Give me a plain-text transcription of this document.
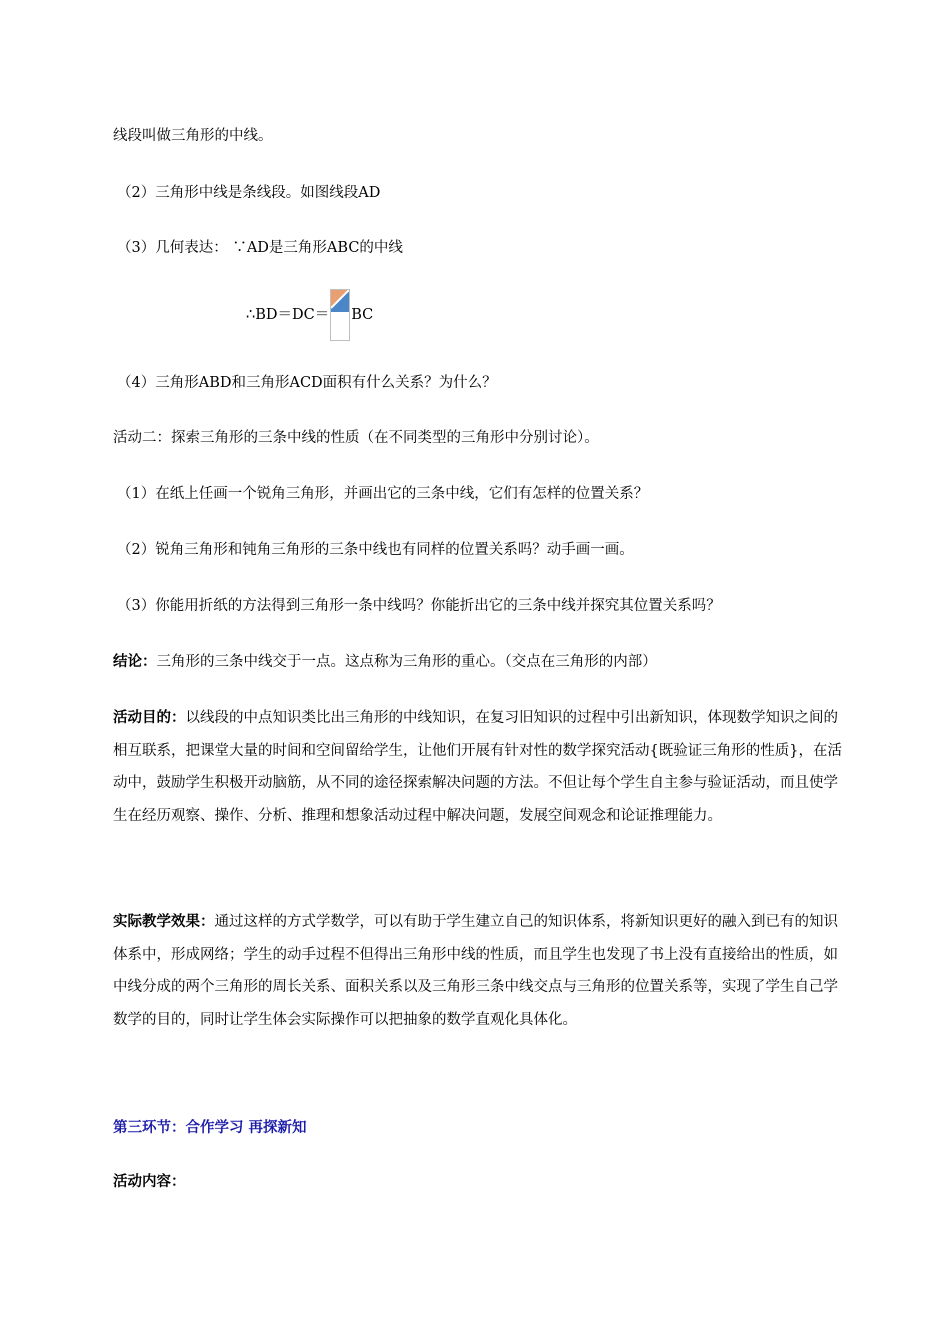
线段叫做三角形的中线。
（2）三角形中线是条线段。如图线段AD
（3）几何表达： ∵AD是三角形ABC的中线
∴BD＝DC＝ BC
（4）三角形ABD和三角形ACD面积有什么关系？为什么？
活动二：探索三角形的三条中线的性质（在不同类型的三角形中分别讨论）。
（1）在纸上任画一个锐角三角形，并画出它的三条中线，它们有怎样的位置关系？
（2）锐角三角形和钝角三角形的三条中线也有同样的位置关系吗？动手画一画。
（3）你能用折纸的方法得到三角形一条中线吗？你能折出它的三条中线并探究其位置关系吗？
结论：三角形的三条中线交于一点。这点称为三角形的重心。（交点在三角形的内部）
活动目的：以线段的中点知识类比出三角形的中线知识，在复习旧知识的过程中引出新知识，体现数学知识之间的相互联系，把课堂大量的时间和空间留给学生，让他们开展有针对性的数学探究活动{既验证三角形的性质}，在活动中，鼓励学生积极开动脑筋，从不同的途径探索解决问题的方法。不但让每个学生自主参与验证活动，而且使学生在经历观察、操作、分析、推理和想象活动过程中解决问题，发展空间观念和论证推理能力。
实际教学效果：通过这样的方式学数学，可以有助于学生建立自己的知识体系，将新知识更好的融入到已有的知识体系中，形成网络；学生的动手过程不但得出三角形中线的性质，而且学生也发现了书上没有直接给出的性质，如中线分成的两个三角形的周长关系、面积关系以及三角形三条中线交点与三角形的位置关系等，实现了学生自己学数学的目的，同时让学生体会实际操作可以把抽象的数学直观化具体化。
第三环节：合作学习 再探新知
活动内容：
